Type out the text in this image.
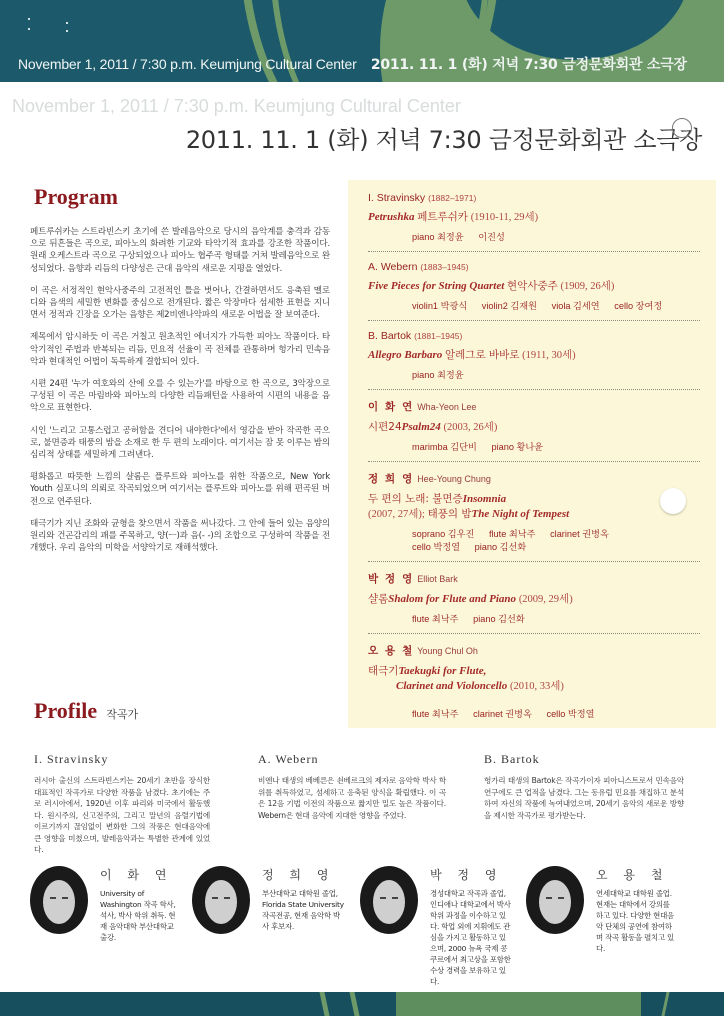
November 1, 2011 / 7:30 p.m. Keumjung Cultural Center 2011. 11. 1 (화) 저녁 7:30 금정문화회관 소극장
November 1, 2011 / 7:30 p.m. Keumjung Cultural Center
2011. 11. 1 (화) 저녁 7:30 금정문화회관 소극장
Program

페트루쉬카는 스트라빈스키 초기에 쓴 발레음악으로 당시의 음악계를 충격과 감동으로 뒤흔들은 곡으로, 피아노의 화려한 기교와 타악기적 효과를 강조한 작품이다. 원래 오케스트라 곡으로 구상되었으나 피아노 협주곡 형태를 거쳐 발레음악으로 완성되었다. 음향과 리듬의 다양성은 근대 음악의 새로운 지평을 열었다.

이 곡은 서정적인 현악사중주의 고전적인 틀을 벗어나, 간결하면서도 응축된 멜로디와 음색의 세밀한 변화를 중심으로 전개된다. 짧은 악장마다 섬세한 표현을 지니면서 정적과 긴장을 오가는 음향은 제2비엔나악파의 새로운 어법을 잘 보여준다.

제목에서 암시하듯 이 곡은 거칠고 원초적인 에너지가 가득한 피아노 작품이다. 타악기적인 주법과 반복되는 리듬, 민요적 선율이 곡 전체를 관통하며 헝가리 민속음악과 현대적인 어법이 독특하게 결합되어 있다.

시편 24편 '누가 여호와의 산에 오를 수 있는가'를 바탕으로 한 곡으로, 3악장으로 구성된 이 곡은 마림바와 피아노의 다양한 리듬패턴을 사용하여 시편의 내용을 음악으로 표현한다.

시인 '느리고 고통스럽고 공허함을 견디어 내야한다'에서 영감을 받아 작곡한 곡으로, 불면증과 태풍의 밤을 소재로 한 두 편의 노래이다. 여기서는 잠 못 이루는 밤의 심리적 상태를 세밀하게 그려낸다.

평화롭고 따뜻한 느낌의 샬롬은 플루트와 피아노를 위한 작품으로, New York Youth 심포니의 의뢰로 작곡되었으며 여기서는 플루트와 피아노를 위해 편곡된 버전으로 연주된다.

태극기가 지닌 조화와 균형을 찾으면서 작품을 써나갔다. 그 안에 들어 있는 음양의 원리와 건곤감리의 괘를 주목하고, 양(ㅡ)과 음(- -)의 조합으로 구성하여 작품을 전개했다. 우리 음악의 미학을 서양악기로 재해석했다.

I. Stravinsky (1882–1971)
Petrushka 페트루쉬카 (1910-11, 29세)
piano 최정윤 이진성
A. Webern (1883–1945)
Five Pieces for String Quartet 현악사중주 (1909, 26세)
violin1 박광식 violin2 김재원 viola 김세연 cello 장여정
B. Bartok (1881–1945)
Allegro Barbaro 알레그로 바바로 (1911, 30세)
piano 최정윤
이 화 연 Wha-Yeon Lee
시편24Psalm24 (2003, 26세)
marimba 김단비 piano 황나윤
정 희 영 Hee-Young Chung
두 편의 노래: 불면증Insomnia
(2007, 27세); 태풍의 밤The Night of Tempest
soprano 김우진 flute 최낙주 clarinet 권병옥
cello 박정열 piano 김선화
박 정 영 Elliot Bark
샬롬Shalom for Flute and Piano (2009, 29세)
flute 최낙주 piano 김선화
오 용 철 Young Chul Oh
태극기Taekugki for Flute,
Clarinet and Violoncello (2010, 33세)
flute 최낙주 clarinet 권병옥 cello 박정열
Profile 작곡가
I. Stravinsky
러시아 출신의 스트라빈스키는 20세기 초반을 장식한 대표적인 작곡가로 다양한 작품을 남겼다. 초기에는 주로 러시아에서, 1920년 이후 파리와 미국에서 활동했다. 원시주의, 신고전주의, 그리고 말년의 음렬기법에 이르기까지 끊임없이 변화한 그의 작풍은 현대음악에 큰 영향을 미쳤으며, 발레음악과는 특별한 관계에 있었다.
A. Webern
비엔나 태생의 베베른은 쇤베르크의 제자로 음악학 박사 학위를 취득하였고, 섬세하고 응축된 양식을 확립했다. 이 곡은 12음 기법 이전의 작품으로 짧지만 밀도 높은 작품이다. Webern은 현대 음악에 지대한 영향을 주었다.
B. Bartok
헝가리 태생의 Bartok은 작곡가이자 피아니스트로서 민속음악 연구에도 큰 업적을 남겼다. 그는 동유럽 민요를 채집하고 분석하여 자신의 작품에 녹여내었으며, 20세기 음악의 새로운 방향을 제시한 작곡가로 평가받는다.
이 화 연
University of Washington 작곡 학사, 석사, 박사 학위 취득. 현재 음악대학 부산대학교 출강.
정 희 영
부산대학교 대학원 졸업, Florida State University 작곡전공, 현재 음악학 박사 후보자.
박 정 영
경성대학교 작곡과 졸업, 인디애나 대학교에서 박사 학위 과정을 이수하고 있다. 학업 외에 지휘에도 관심을 가지고 활동하고 있으며, 2000 뉴욕 국제 콩쿠르에서 최고상을 포함한 수상 경력을 보유하고 있다.
오 용 철
연세대학교 대학원 졸업. 현재는 대학에서 강의를 하고 있다. 다양한 현대음악 단체의 공연에 참여하며 작곡 활동을 펼치고 있다.
